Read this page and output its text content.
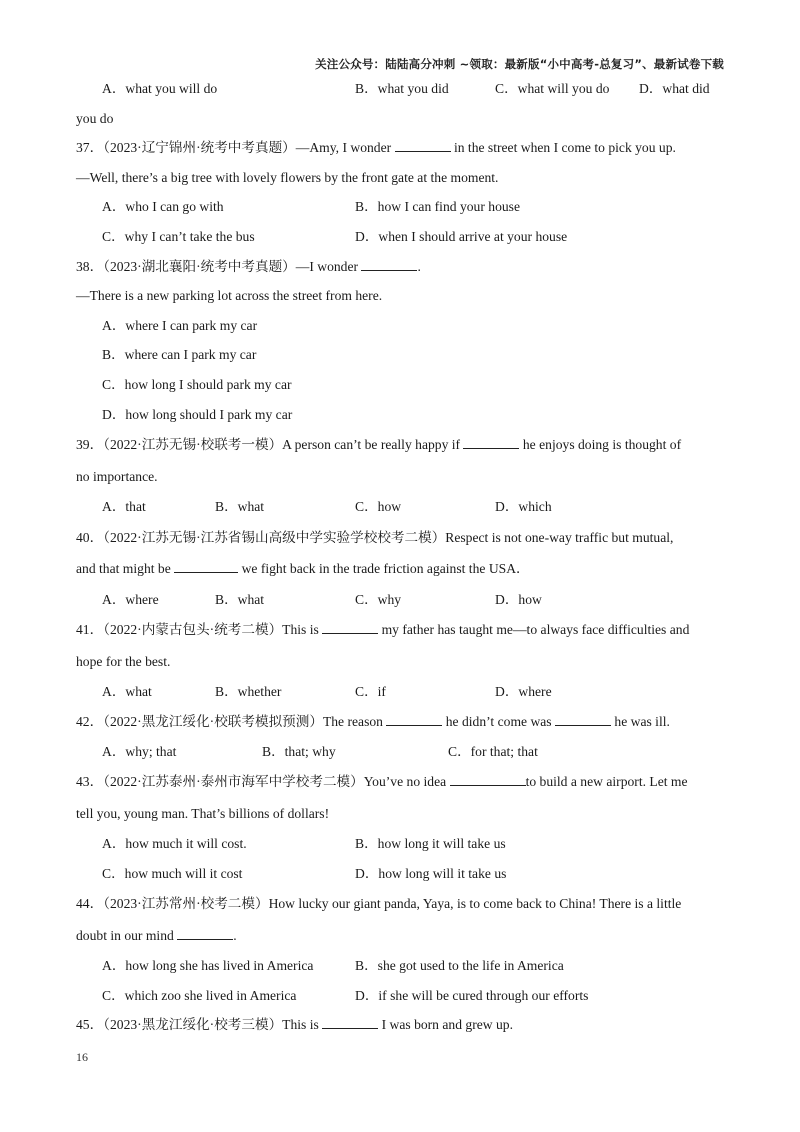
关注公众号：陆陆高分冲刺 ~领取：最新版“小中高考-总复习”、最新试卷下载
A．what you will do	B．what you did	C．what will you do D．what did
you do
37．（2023·辽宁锦州·统考中考真题）—Amy, I wonder	in the street when I come to pick you up.
—Well, there’s a big tree with lovely flowers by the front gate at the moment.
A．who I can go with	B．how I can find your house
C．why I can’t take the bus	D．when I should arrive at your house
38．（2023·湖北襄阳·统考中考真题）—I wonder	.
—There is a new parking lot across the street from here.
A．where I can park my car
B．where can I park my car
C．how long I should park my car
D．how long should I park my car
39．（2022·江苏无锡·校联考一模）A person can’t be really happy if	he enjoys doing is thought of
no importance.
A．that	B．what	C．how	D．which
40．（2022·江苏无锡·江苏省锡山高级中学实验学校校考二模）Respect is not one-way traffic but mutual,
and that might be	we fight back in the trade friction against the USA．
A．where	B．what	C．why	D．how
41．（2022·内蒙古包头·统考二模）This is	my father has taught me—to always face difficulties and
hope for the best.
A．what	B．whether	C．if	D．where
42．（2022·黑龙江绥化·校联考模拟预测）The reason	he didn’t come was	he was ill.
A．why; that	B．that; why	C．for that; that
43．（2022·江苏泰州·泰州市海军中学校考二模）You’ve no idea	to build a new airport. Let me
tell you, young man. That’s billions of dollars!
A．how much it will cost.	B．how long it will take us
C．how much will it cost	D．how long will it take us
44．（2023·江苏常州·校考二模）How lucky our giant panda, Yaya, is to come back to China! There is a little
doubt in our mind	.
A．how long she has lived in America	B．she got used to the life in America
C．which zoo she lived in America	D．if she will be cured through our efforts
45．（2023·黑龙江绥化·校考三模）This is	I was born and grew up.
16
